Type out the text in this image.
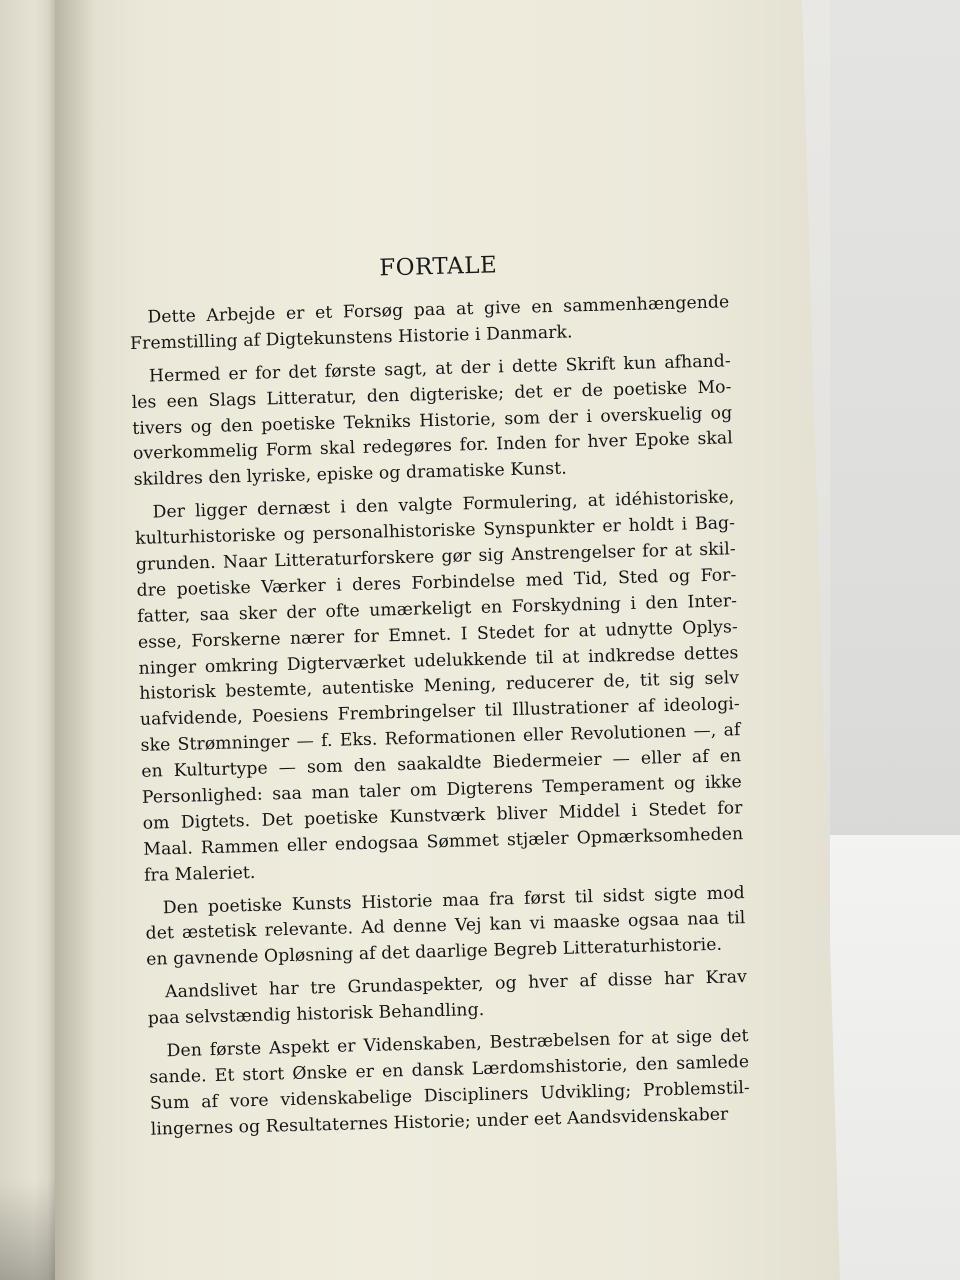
FORTALE
Dette Arbejde er et Forsøg paa at give en sammenhængende
Fremstilling af Digtekunstens Historie i Danmark.
Hermed er for det første sagt, at der i dette Skrift kun afhand-
les een Slags Litteratur, den digteriske; det er de poetiske Mo-
tivers og den poetiske Tekniks Historie, som der i overskuelig og
overkommelig Form skal redegøres for. Inden for hver Epoke skal
skildres den lyriske, episke og dramatiske Kunst.
Der ligger dernæst i den valgte Formulering, at idéhistoriske,
kulturhistoriske og personalhistoriske Synspunkter er holdt i Bag-
grunden. Naar Litteraturforskere gør sig Anstrengelser for at skil-
dre poetiske Værker i deres Forbindelse med Tid, Sted og For-
fatter, saa sker der ofte umærkeligt en Forskydning i den Inter-
esse, Forskerne nærer for Emnet. I Stedet for at udnytte Oplys-
ninger omkring Digterværket udelukkende til at indkredse dettes
historisk bestemte, autentiske Mening, reducerer de, tit sig selv
uafvidende, Poesiens Frembringelser til Illustrationer af ideologi-
ske Strømninger — f. Eks. Reformationen eller Revolutionen —, af
en Kulturtype — som den saakaldte Biedermeier — eller af en
Personlighed: saa man taler om Digterens Temperament og ikke
om Digtets. Det poetiske Kunstværk bliver Middel i Stedet for
Maal. Rammen eller endogsaa Sømmet stjæler Opmærksomheden
fra Maleriet.
Den poetiske Kunsts Historie maa fra først til sidst sigte mod
det æstetisk relevante. Ad denne Vej kan vi maaske ogsaa naa til
en gavnende Opløsning af det daarlige Begreb Litteraturhistorie.
Aandslivet har tre Grundaspekter, og hver af disse har Krav
paa selvstændig historisk Behandling.
Den første Aspekt er Videnskaben, Bestræbelsen for at sige det
sande. Et stort Ønske er en dansk Lærdomshistorie, den samlede
Sum af vore videnskabelige Discipliners Udvikling; Problemstil-
lingernes og Resultaternes Historie; under eet Aandsvidenskaber
